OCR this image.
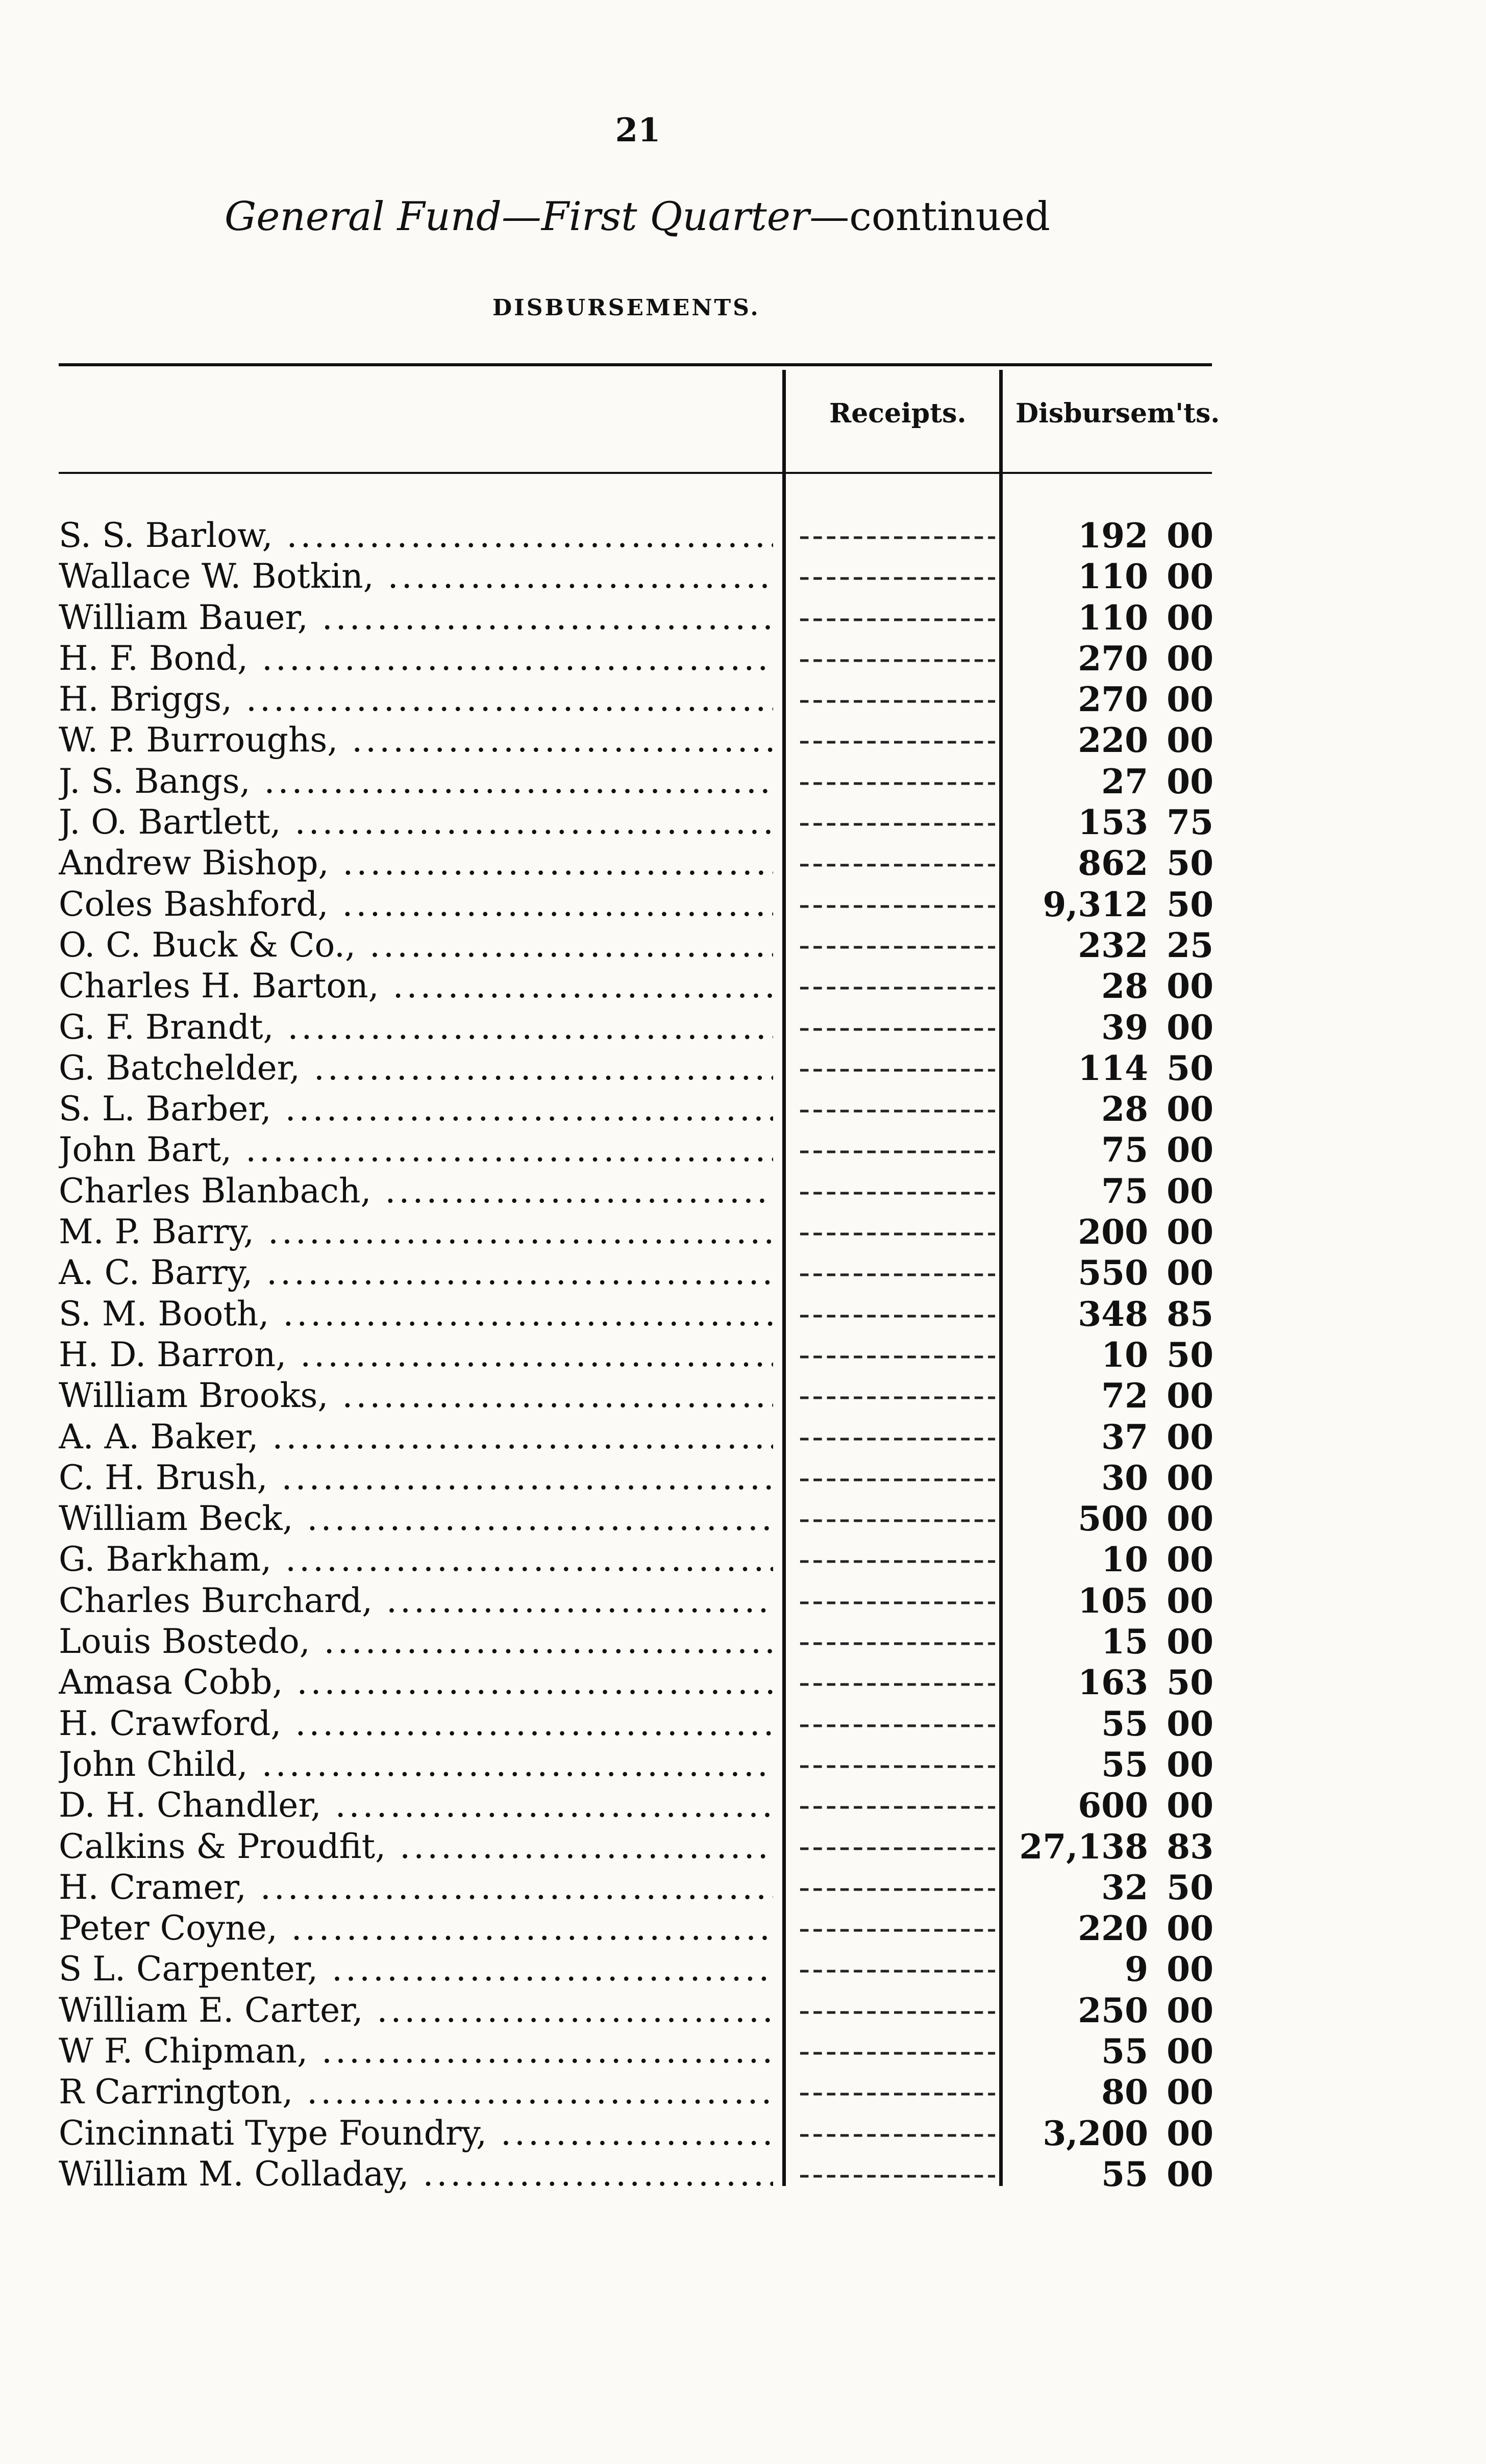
21
General Fund—First Quarter—continued
DISBURSEMENTS.
Receipts. Disbursem'ts.
S. S. Barlow, ..... -----	192 00
Wallace W. Botkin, ..... -----	110 00
William Bauer, ..... -----	110 00
H. F. Bond, ..... -----	270 00
H. Briggs, ..... -----	270 00
W. P. Burroughs, ..... -----	220 00
J. S. Bangs, ..... -----	27 00
J. O. Bartlett, ..... -----	153 75
Andrew Bishop, ..... -----	862 50
Coles Bashford, ..... -----	9,312 50
O. C. Buck & Co., ..... -----	232 25
Charles H. Barton, ..... -----	28 00
G. F. Brandt, ..... -----	39 00
G. Batchelder, ..... -----	114 50
S. L. Barber, ..... -----	28 00
John Bart, ..... -----	75 00
Charles Blanbach, ..... -----	75 00
M. P. Barry, ..... -----	200 00
A. C. Barry, ..... -----	550 00
S. M. Booth, ..... -----	348 85
H. D. Barron, ..... -----	10 50
William Brooks, ..... -----	72 00
A. A. Baker, ..... -----	37 00
C. H. Brush, ..... -----	30 00
William Beck, ..... -----	500 00
G. Barkham, ..... -----	10 00
Charles Burchard, ..... -----	105 00
Louis Bostedo, ..... -----	15 00
Amasa Cobb, ..... -----	163 50
H. Crawford, ..... -----	55 00
John Child, ..... -----	55 00
D. H. Chandler, ..... -----	600 00
Calkins & Proudfit, ..... -----	27,138 83
H. Cramer, ..... -----	32 50
Peter Coyne, ..... -----	220 00
S L. Carpenter, ..... -----	9 00
William E. Carter, ..... -----	250 00
W F. Chipman, ..... -----	55 00
R Carrington, ..... -----	80 00
Cincinnati Type Foundry, ..... -----	3,200 00
William M. Colladay, ..... -----	55 00
